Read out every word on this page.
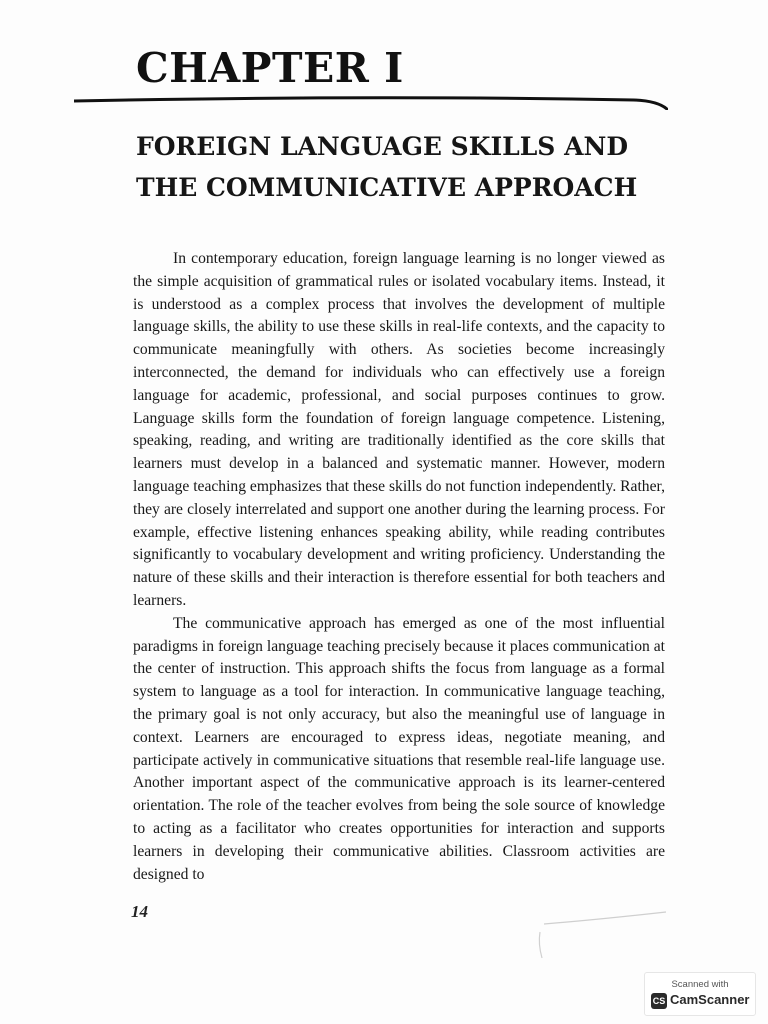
CHAPTER I
FOREIGN LANGUAGE SKILLS AND
THE COMMUNICATIVE APPROACH

In contemporary education, foreign language learning is no longer viewed as the simple acquisition of grammatical rules or isolated vocabulary items. Instead, it is understood as a complex process that involves the development of multiple language skills, the ability to use these skills in real-life contexts, and the capacity to communicate meaningfully with others. As societies become increasingly interconnected, the demand for individuals who can effectively use a foreign language for academic, professional, and social purposes continues to grow. Language skills form the foundation of foreign language competence. Listening, speaking, reading, and writing are traditionally identified as the core skills that learners must develop in a balanced and systematic manner. However, modern language teaching emphasizes that these skills do not function independently. Rather, they are closely interrelated and support one another during the learning process. For example, effective listening enhances speaking ability, while reading contributes significantly to vocabulary development and writing proficiency. Understanding the nature of these skills and their interaction is therefore essential for both teachers and learners.

The communicative approach has emerged as one of the most influential paradigms in foreign language teaching precisely because it places communication at the center of instruction. This approach shifts the focus from language as a formal system to language as a tool for interaction. In communicative language teaching, the primary goal is not only accuracy, but also the meaningful use of language in context. Learners are encouraged to express ideas, negotiate meaning, and participate actively in communicative situations that resemble real-life language use. Another important aspect of the communicative approach is its learner-centered orientation. The role of the teacher evolves from being the sole source of knowledge to acting as a facilitator who creates opportunities for interaction and supports learners in developing their communicative abilities. Classroom activities are designed to

14
Scanned with
CS CamScanner
